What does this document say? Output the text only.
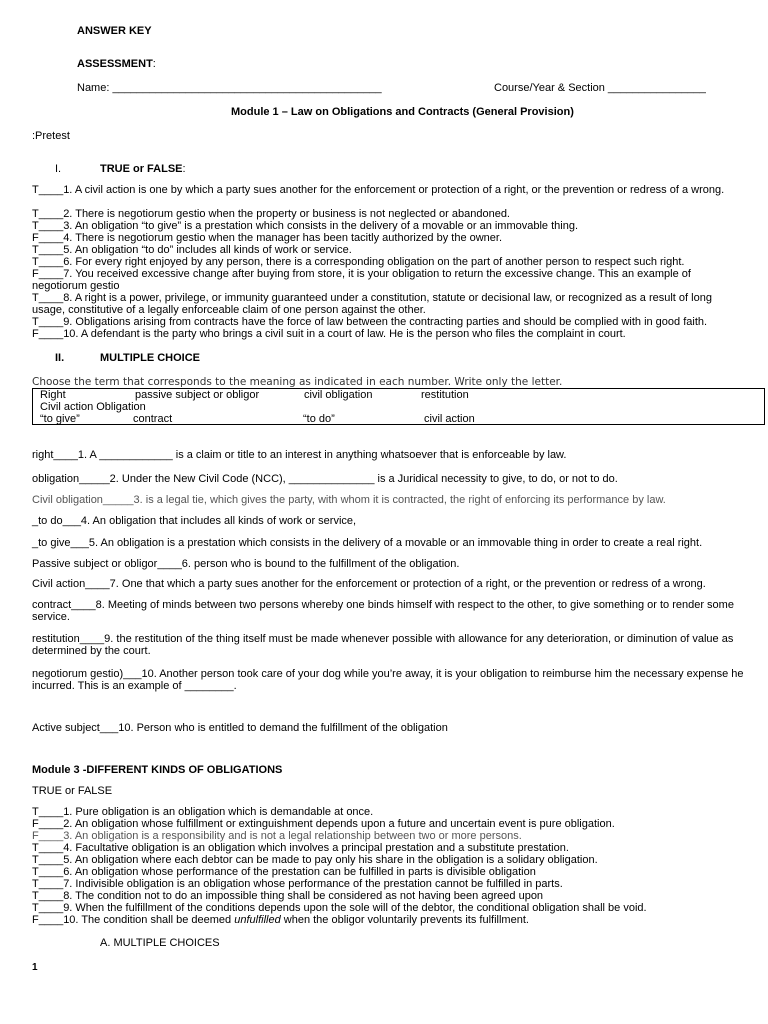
ANSWER KEY
ASSESSMENT:
Name: ____________________________________________	Course/Year & Section ________________
Module 1 – Law on Obligations and Contracts (General Provision)
:Pretest
I.	TRUE or FALSE:
T____1. A civil action is one by which a party sues another for the enforcement or protection of a right, or the prevention or redress of a wrong.
T____2. There is negotiorum gestio when the property or business is not neglected or abandoned.
T____3. An obligation “to give” is a prestation which consists in the delivery of a movable or an immovable thing.
F____4. There is negotiorum gestio when the manager has been tacitly authorized by the owner.
T____5. An obligation “to do” includes all kinds of work or service.
T____6. For every right enjoyed by any person, there is a corresponding obligation on the part of another person to respect such right.
F____7. You received excessive change after buying from store, it is your obligation to return the excessive change. This an example of negotiorum gestio
T____8. A right is a power, privilege, or immunity guaranteed under a constitution, statute or decisional law, or recognized as a result of long usage, constitutive of a legally enforceable claim of one person against the other.
T____9. Obligations arising from contracts have the force of law between the contracting parties and should be complied with in good faith.
F____10. A defendant is the party who brings a civil suit in a court of law. He is the person who files the complaint in court.
II.	MULTIPLE CHOICE
Choose the term that corresponds to the meaning as indicated in each number. Write only the letter.
Right	passive subject or obligor	civil obligation	restitution
Civil action Obligation
“to give”	contract	“to do”	civil action
right____1. A ____________ is a claim or title to an interest in anything whatsoever that is enforceable by law.
obligation_____2. Under the New Civil Code (NCC), ______________ is a Juridical necessity to give, to do, or not to do.
Civil obligation_____3. is a legal tie, which gives the party, with whom it is contracted, the right of enforcing its performance by law.
_to do___4. An obligation that includes all kinds of work or service,
_to give___5. An obligation is a prestation which consists in the delivery of a movable or an immovable thing in order to create a real right.
Passive subject or obligor____6. person who is bound to the fulfillment of the obligation.
Civil action____7. One that which a party sues another for the enforcement or protection of a right, or the prevention or redress of a wrong.
contract____8. Meeting of minds between two persons whereby one binds himself with respect to the other, to give something or to render some service.
restitution____9. the restitution of the thing itself must be made whenever possible with allowance for any deterioration, or diminution of value as determined by the court.
negotiorum gestio)___10. Another person took care of your dog while you’re away, it is your obligation to reimburse him the necessary expense he incurred. This is an example of ________.
Active subject___10. Person who is entitled to demand the fulfillment of the obligation
Module 3 -DIFFERENT KINDS OF OBLIGATIONS
TRUE or FALSE
T____1. Pure obligation is an obligation which is demandable at once.
F____2. An obligation whose fulfillment or extinguishment depends upon a future and uncertain event is pure obligation.
F____3. An obligation is a responsibility and is not a legal relationship between two or more persons.
T____4. Facultative obligation is an obligation which involves a principal prestation and a substitute prestation.
T____5. An obligation where each debtor can be made to pay only his share in the obligation is a solidary obligation.
T____6. An obligation whose performance of the prestation can be fulfilled in parts is divisible obligation
T____7. Indivisible obligation is an obligation whose performance of the prestation cannot be fulfilled in parts.
T____8. The condition not to do an impossible thing shall be considered as not having been agreed upon
T____9. When the fulfillment of the conditions depends upon the sole will of the debtor, the conditional obligation shall be void.
F____10. The condition shall be deemed unfulfilled when the obligor voluntarily prevents its fulfillment.
A. MULTIPLE CHOICES
1
